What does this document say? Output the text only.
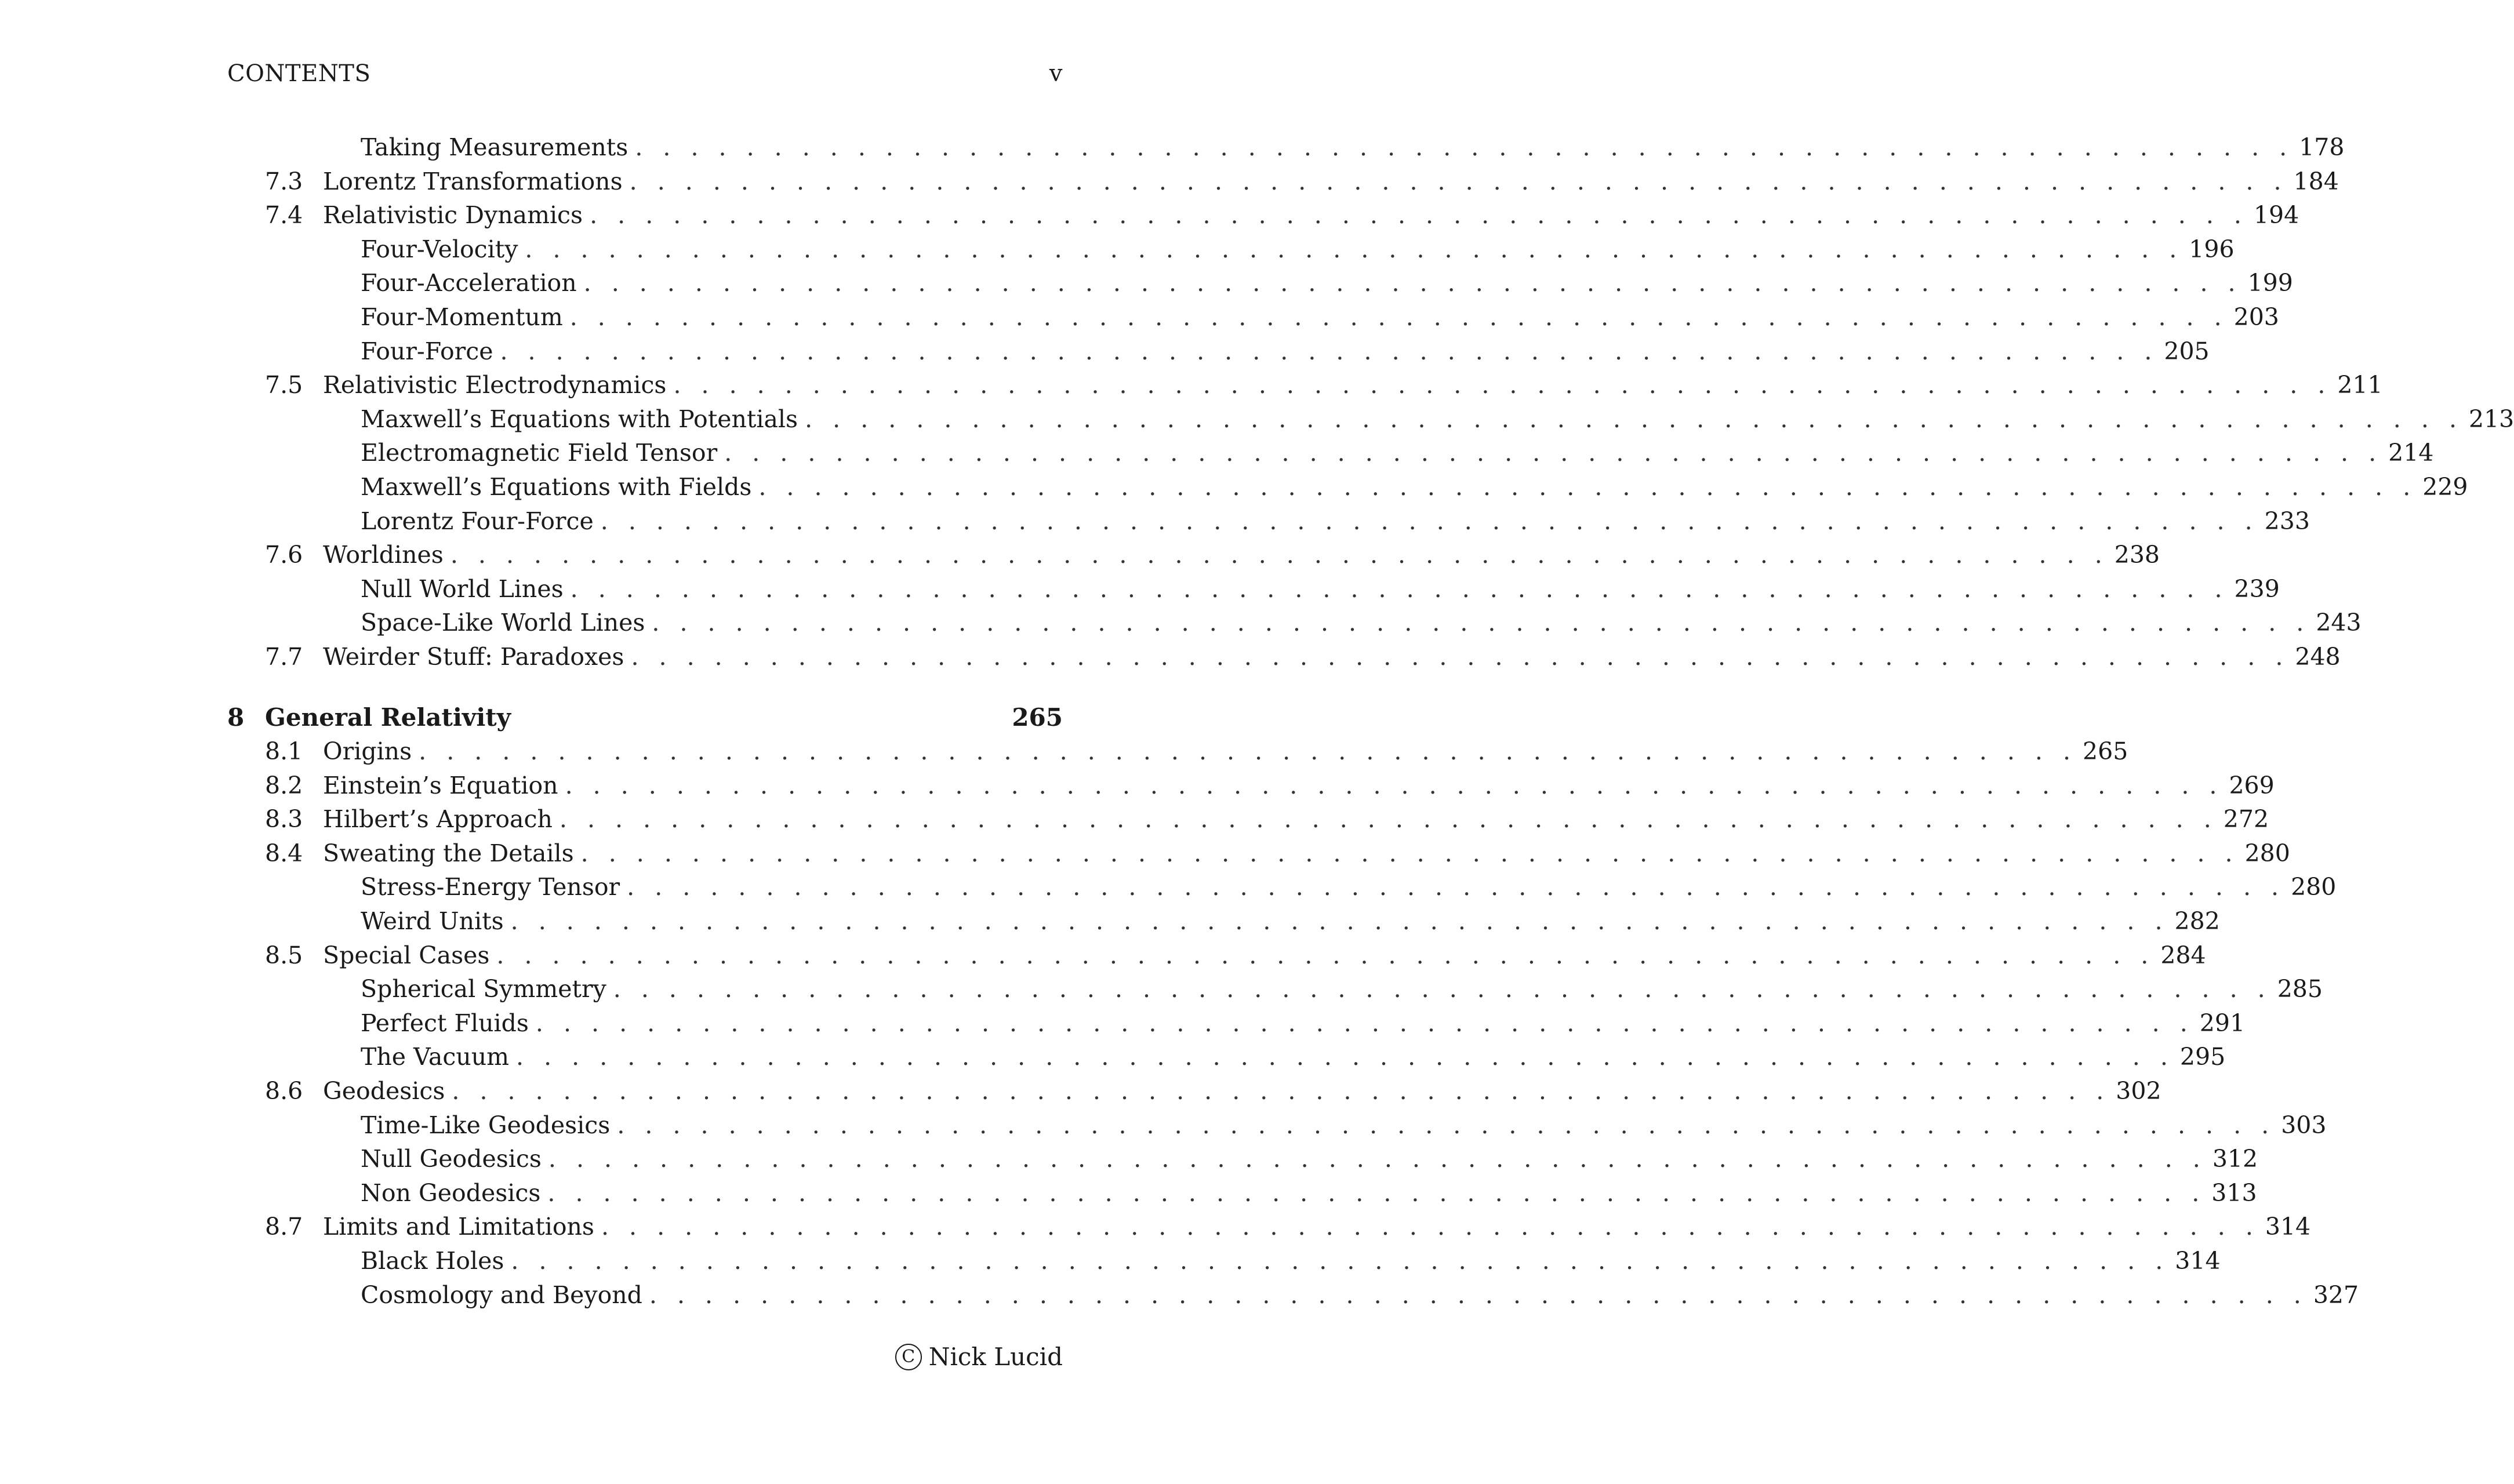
CONTENTS	v
Taking Measurements . . . . . . . . . . . . . . . . . . . . . . . . . . . . . . . . . . . . . . . . . . . . . . . . . . . . . . . . . . . . 178
7.3 Lorentz Transformations . . . . . . . . . . . . . . . . . . . . . . . . . . . . . . . . . . . . . . . . . . . . . . . . . . . . . . . . . . . . 184
7.4 Relativistic Dynamics . . . . . . . . . . . . . . . . . . . . . . . . . . . . . . . . . . . . . . . . . . . . . . . . . . . . . . . . . . . . 194
Four-Velocity . . . . . . . . . . . . . . . . . . . . . . . . . . . . . . . . . . . . . . . . . . . . . . . . . . . . . . . . . . . . 196
Four-Acceleration . . . . . . . . . . . . . . . . . . . . . . . . . . . . . . . . . . . . . . . . . . . . . . . . . . . . . . . . . . . . 199
Four-Momentum . . . . . . . . . . . . . . . . . . . . . . . . . . . . . . . . . . . . . . . . . . . . . . . . . . . . . . . . . . . . 203
Four-Force . . . . . . . . . . . . . . . . . . . . . . . . . . . . . . . . . . . . . . . . . . . . . . . . . . . . . . . . . . . . 205
7.5 Relativistic Electrodynamics . . . . . . . . . . . . . . . . . . . . . . . . . . . . . . . . . . . . . . . . . . . . . . . . . . . . . . . . . . . . 211
Maxwell’s Equations with Potentials . . . . . . . . . . . . . . . . . . . . . . . . . . . . . . . . . . . . . . . . . . . . . . . . . . . . . . . . . . . . 213
Electromagnetic Field Tensor . . . . . . . . . . . . . . . . . . . . . . . . . . . . . . . . . . . . . . . . . . . . . . . . . . . . . . . . . . . . 214
Maxwell’s Equations with Fields . . . . . . . . . . . . . . . . . . . . . . . . . . . . . . . . . . . . . . . . . . . . . . . . . . . . . . . . . . . . 229
Lorentz Four-Force . . . . . . . . . . . . . . . . . . . . . . . . . . . . . . . . . . . . . . . . . . . . . . . . . . . . . . . . . . . . 233
7.6 Worldines . . . . . . . . . . . . . . . . . . . . . . . . . . . . . . . . . . . . . . . . . . . . . . . . . . . . . . . . . . . . 238
Null World Lines . . . . . . . . . . . . . . . . . . . . . . . . . . . . . . . . . . . . . . . . . . . . . . . . . . . . . . . . . . . . 239
Space-Like World Lines . . . . . . . . . . . . . . . . . . . . . . . . . . . . . . . . . . . . . . . . . . . . . . . . . . . . . . . . . . . . 243
7.7 Weirder Stuff: Paradoxes . . . . . . . . . . . . . . . . . . . . . . . . . . . . . . . . . . . . . . . . . . . . . . . . . . . . . . . . . . . . 248
8 General Relativity	265
8.1 Origins . . . . . . . . . . . . . . . . . . . . . . . . . . . . . . . . . . . . . . . . . . . . . . . . . . . . . . . . . . . . 265
8.2 Einstein’s Equation . . . . . . . . . . . . . . . . . . . . . . . . . . . . . . . . . . . . . . . . . . . . . . . . . . . . . . . . . . . . 269
8.3 Hilbert’s Approach . . . . . . . . . . . . . . . . . . . . . . . . . . . . . . . . . . . . . . . . . . . . . . . . . . . . . . . . . . . . 272
8.4 Sweating the Details . . . . . . . . . . . . . . . . . . . . . . . . . . . . . . . . . . . . . . . . . . . . . . . . . . . . . . . . . . . . 280
Stress-Energy Tensor . . . . . . . . . . . . . . . . . . . . . . . . . . . . . . . . . . . . . . . . . . . . . . . . . . . . . . . . . . . . 280
Weird Units . . . . . . . . . . . . . . . . . . . . . . . . . . . . . . . . . . . . . . . . . . . . . . . . . . . . . . . . . . . . 282
8.5 Special Cases . . . . . . . . . . . . . . . . . . . . . . . . . . . . . . . . . . . . . . . . . . . . . . . . . . . . . . . . . . . . 284
Spherical Symmetry . . . . . . . . . . . . . . . . . . . . . . . . . . . . . . . . . . . . . . . . . . . . . . . . . . . . . . . . . . . . 285
Perfect Fluids . . . . . . . . . . . . . . . . . . . . . . . . . . . . . . . . . . . . . . . . . . . . . . . . . . . . . . . . . . . . 291
The Vacuum . . . . . . . . . . . . . . . . . . . . . . . . . . . . . . . . . . . . . . . . . . . . . . . . . . . . . . . . . . . . 295
8.6 Geodesics . . . . . . . . . . . . . . . . . . . . . . . . . . . . . . . . . . . . . . . . . . . . . . . . . . . . . . . . . . . . 302
Time-Like Geodesics . . . . . . . . . . . . . . . . . . . . . . . . . . . . . . . . . . . . . . . . . . . . . . . . . . . . . . . . . . . . 303
Null Geodesics . . . . . . . . . . . . . . . . . . . . . . . . . . . . . . . . . . . . . . . . . . . . . . . . . . . . . . . . . . . . 312
Non Geodesics . . . . . . . . . . . . . . . . . . . . . . . . . . . . . . . . . . . . . . . . . . . . . . . . . . . . . . . . . . . . 313
8.7 Limits and Limitations . . . . . . . . . . . . . . . . . . . . . . . . . . . . . . . . . . . . . . . . . . . . . . . . . . . . . . . . . . . . 314
Black Holes . . . . . . . . . . . . . . . . . . . . . . . . . . . . . . . . . . . . . . . . . . . . . . . . . . . . . . . . . . . . 314
Cosmology and Beyond . . . . . . . . . . . . . . . . . . . . . . . . . . . . . . . . . . . . . . . . . . . . . . . . . . . . . . . . . . . . 327
C Nick Lucid
